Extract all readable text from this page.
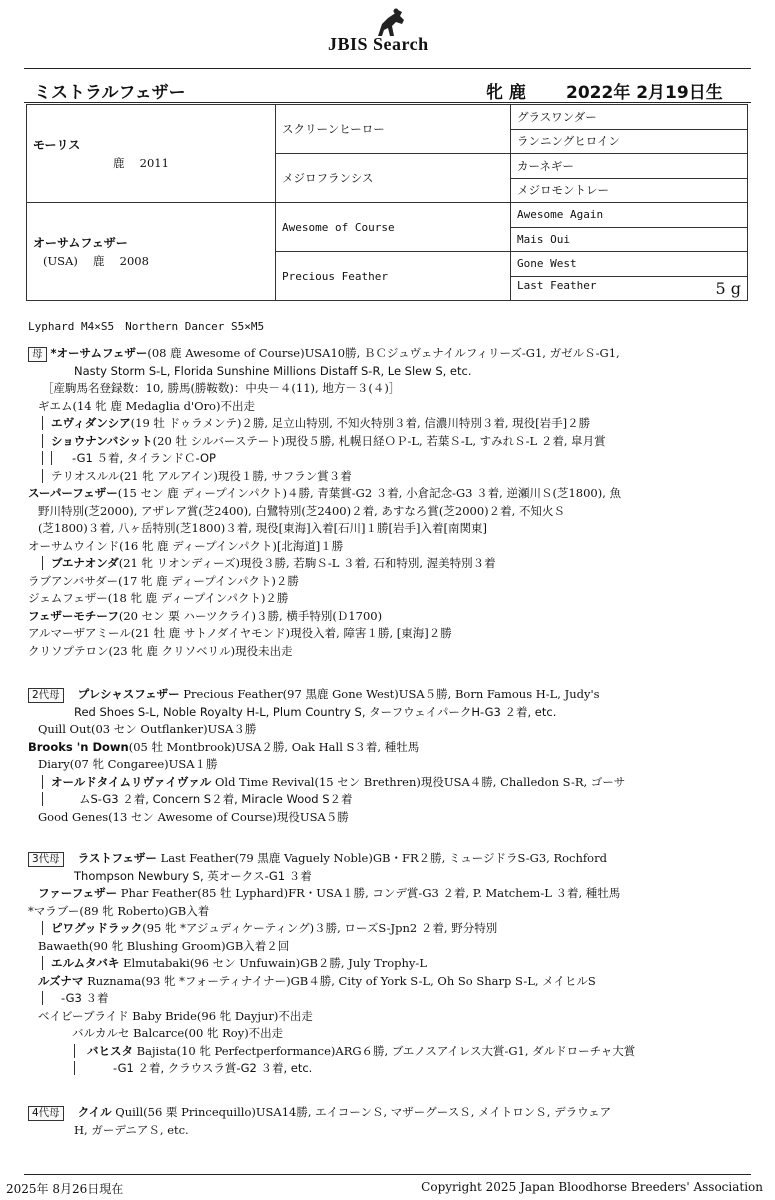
JBIS Search
ミストラルフェザー	牝 鹿 2022年 2月19日生
モーリス
鹿　 2011	スクリーンヒーロー	グラスワンダー
		ランニングヒロイン
	メジロフランシス	カーネギー
		メジロモントレー

オーサムフェザー
(USA)　 鹿　 2008	Awesome of Course	Awesome Again
		Mais Oui
	Precious Feather	Gone West

		Last Feather 5 g
Lyphard M4×S5　Northern Dancer S5×M5
母 *オーサムフェザー(08 鹿 Awesome of Course)USA10勝, ＢＣジュヴェナイルフィリーズ-G1, ガゼルＳ-G1,
Nasty Storm S-L, Florida Sunshine Millions Distaff S-R, Le Slew S, etc.
［産駒馬名登録数：10, 勝馬(勝鞍数)：中央－４(11), 地方－３(４)］
ギエム(14 牝 鹿 Medaglia d'Oro)不出走
エヴィダンシア(19 牡 ドゥラメンテ)２勝, 足立山特別, 不知火特別３着, 信濃川特別３着, 現役[岩手]２勝
ショウナンバシット(20 牡 シルバーステート)現役５勝, 札幌日経ＯＰ-L, 若葉Ｓ-L, すみれＳ-L ２着, 皐月賞
-G1 ５着, タイランドＣ-OP
テリオスルル(21 牝 アルアイン)現役１勝, サフラン賞３着
スーパーフェザー(15 セン 鹿 ディープインパクト)４勝, 青葉賞-G2 ３着, 小倉記念-G3 ３着, 逆瀬川Ｓ(芝1800), 魚
野川特別(芝2000), アザレア賞(芝2400), 白鷺特別(芝2400)２着, あすなろ賞(芝2000)２着, 不知火Ｓ
(芝1800)３着, 八ヶ岳特別(芝1800)３着, 現役[東海]入着[石川]１勝[岩手]入着[南関東]
オーサムウインド(16 牝 鹿 ディープインパクト)[北海道]１勝
ブエナオンダ(21 牝 リオンディーズ)現役３勝, 若駒Ｓ-L ３着, 石和特別, 渥美特別３着
ラブアンバサダー(17 牝 鹿 ディープインパクト)２勝
ジェムフェザー(18 牝 鹿 ディープインパクト)２勝
フェザーモチーフ(20 セン 栗 ハーツクライ)３勝, 横手特別(Ｄ1700)
アルマーザアミール(21 牡 鹿 サトノダイヤモンド)現役入着, 障害１勝, [東海]２勝
クリソプテロン(23 牝 鹿 クリソベリル)現役未出走
2代母 プレシャスフェザー Precious Feather(97 黒鹿 Gone West)USA５勝, Born Famous H-L, Judy's
Red Shoes S-L, Noble Royalty H-L, Plum Country S, ターフウェイパークH-G3 ２着, etc.
Quill Out(03 セン Outflanker)USA３勝
Brooks 'n Down(05 牡 Montbrook)USA２勝, Oak Hall S３着, 種牡馬
Diary(07 牝 Congaree)USA１勝
オールドタイムリヴァイヴァル Old Time Revival(15 セン Brethren)現役USA４勝, Challedon S-R, ゴーサ
ムS-G3 ２着, Concern S２着, Miracle Wood S２着
Good Genes(13 セン Awesome of Course)現役USA５勝
3代母 ラストフェザー Last Feather(79 黒鹿 Vaguely Noble)GB・FR２勝, ミュージドラS-G3, Rochford
Thompson Newbury S, 英オークス-G1 ３着
ファーフェザー Phar Feather(85 牡 Lyphard)FR・USA１勝, コンデ賞-G3 ２着, P. Matchem-L ３着, 種牡馬
*マラブー(89 牝 Roberto)GB入着
ピワグッドラック(95 牝 *アジュディケーティング)３勝, ローズS-Jpn2 ２着, 野分特別
Bawaeth(90 牝 Blushing Groom)GB入着２回
エルムタバキ Elmutabaki(96 セン Unfuwain)GB２勝, July Trophy-L
ルズナマ Ruznama(93 牝 *フォーティナイナー)GB４勝, City of York S-L, Oh So Sharp S-L, メイヒルS
-G3 ３着
ベイビーブライド Baby Bride(96 牝 Dayjur)不出走
バルカルセ Balcarce(00 牝 Roy)不出走
バヒスタ Bajista(10 牝 Perfectperformance)ARG６勝, ブエノスアイレス大賞-G1, ダルドローチャ大賞
-G1 ２着, クラウスラ賞-G2 ３着, etc.
4代母 クイル Quill(56 栗 Princequillo)USA14勝, エイコーンＳ, マザーグースＳ, メイトロンＳ, デラウェア
H, ガーデニアＳ, etc.
2025年 8月26日現在	Copyright 2025 Japan Bloodhorse Breeders' Association
